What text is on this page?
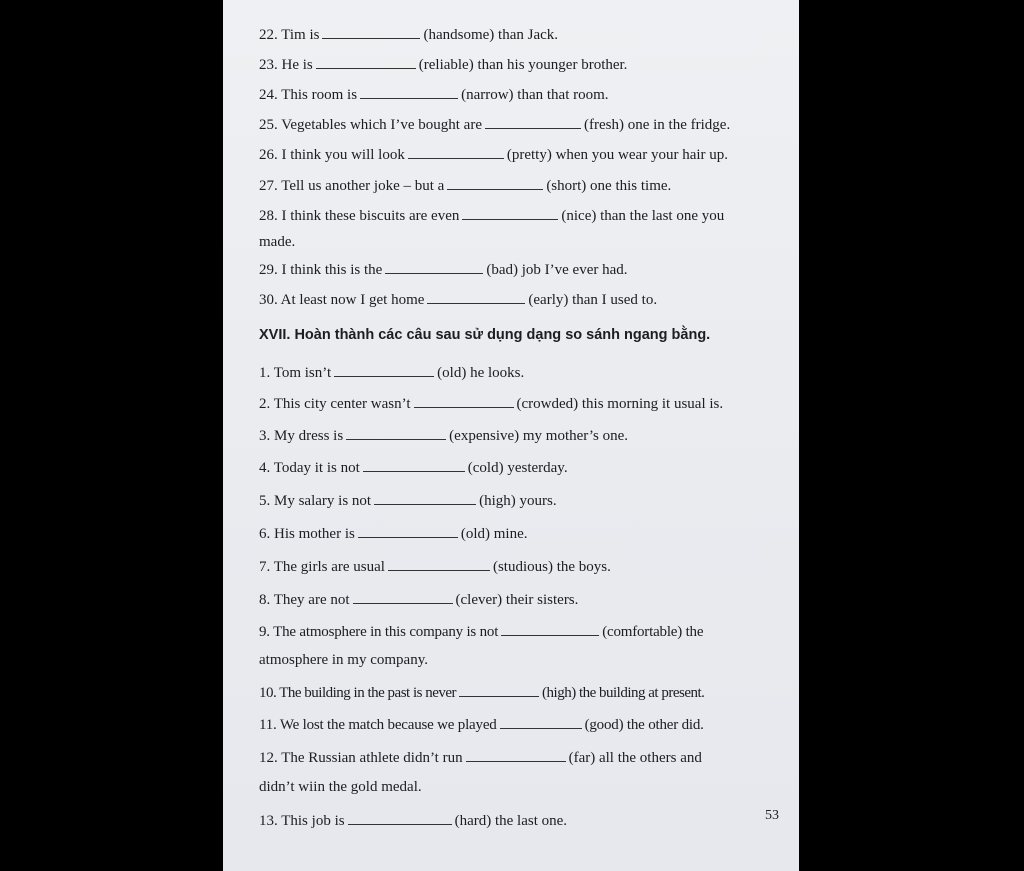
22. Tim is	(handsome) than Jack.
23. He is	(reliable) than his younger brother.
24. This room is	(narrow) than that room.
25. Vegetables which I’ve bought are	(fresh) one in the fridge.
26. I think you will look	(pretty) when you wear your hair up.
27. Tell us another joke – but a	(short) one this time.
28. I think these biscuits are even	(nice) than the last one you
made.
29. I think this is the	(bad) job I’ve ever had.
30. At least now I get home	(early) than I used to.
XVII. Hoàn thành các câu sau sử dụng dạng so sánh ngang bằng.
1. Tom isn’t	(old) he looks.
2. This city center wasn’t	(crowded) this morning it usual is.
3. My dress is	(expensive) my mother’s one.
4. Today it is not	(cold) yesterday.
5. My salary is not	(high) yours.
6. His mother is	(old) mine.
7. The girls are usual	(studious) the boys.
8. They are not	(clever) their sisters.
9. The atmosphere in this company is not	(comfortable) the
atmosphere in my company.
10. The building in the past is never	(high) the building at present.
11. We lost the match because we played	(good) the other did.
12. The Russian athlete didn’t run	(far) all the others and
didn’t wiin the gold medal.
13. This job is	(hard) the last one.	53
